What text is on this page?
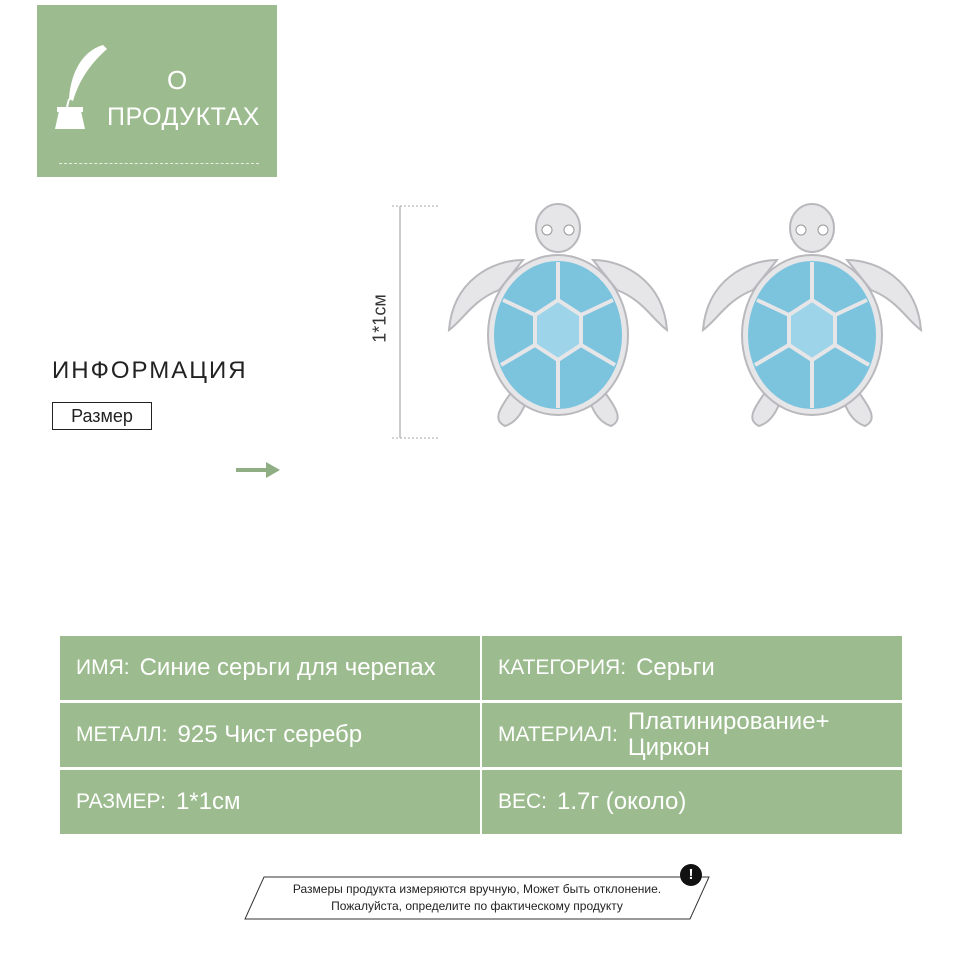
О
ПРОДУКТАХ
ИНФОРМАЦИЯ
Размер
1*1см
ИМЯ: Синие серьги для черепах	КАТЕГОРИЯ: Серьги
МЕТАЛЛ: 925 Чист серебр	МАТЕРИАЛ: Платинирование+
Циркон
РАЗМЕР: 1*1см	ВЕС: 1.7г (около)
Размеры продукта измеряются вручную, Может быть отклонение.
Пожалуйста, определите по фактическому продукту
!
